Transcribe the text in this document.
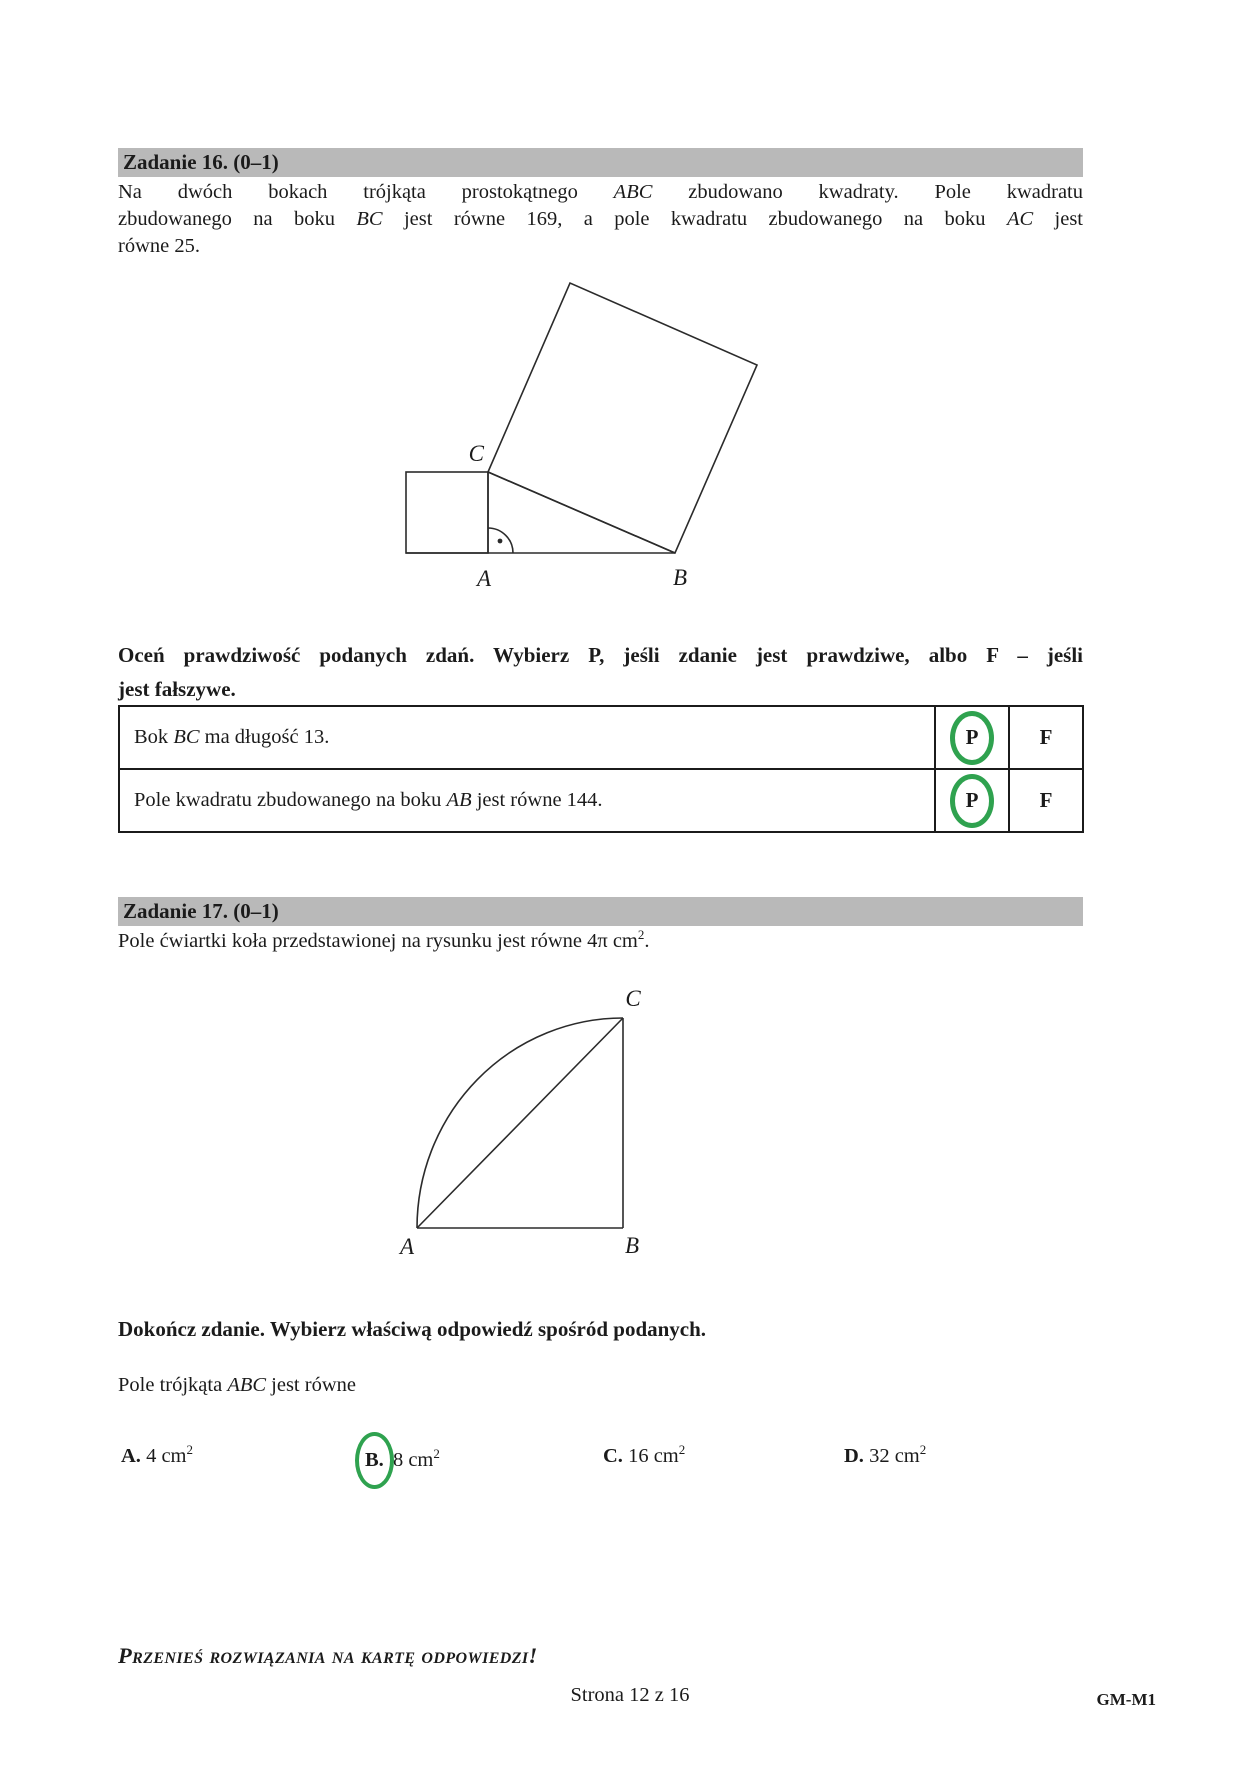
Zadanie 16. (0–1)
Na dwóch bokach trójkąta prostokątnego ABC zbudowano kwadraty. Pole kwadratu
zbudowanego na boku BC jest równe 169, a pole kwadratu zbudowanego na boku AC jest
równe 25.
C
A	B
Oceń prawdziwość podanych zdań. Wybierz P, jeśli zdanie jest prawdziwe, albo F – jeśli
jest fałszywe.
Bok BC ma długość 13.	P	F
Pole kwadratu zbudowanego na boku AB jest równe 144.	P	F
Zadanie 17. (0–1)
Pole ćwiartki koła przedstawionej na rysunku jest równe 4π $cm^2$.
A	B
C
Dokończ zdanie. Wybierz właściwą odpowiedź spośród podanych.
Pole trójkąta ABC jest równe
A. 4 $cm^2$	B. 8 $cm^2$	C. 16 $cm^2$	D. 32 $cm^2$
Przenieś rozwiązania na kartę odpowiedzi!
Strona 12 z 16	GM-M1
